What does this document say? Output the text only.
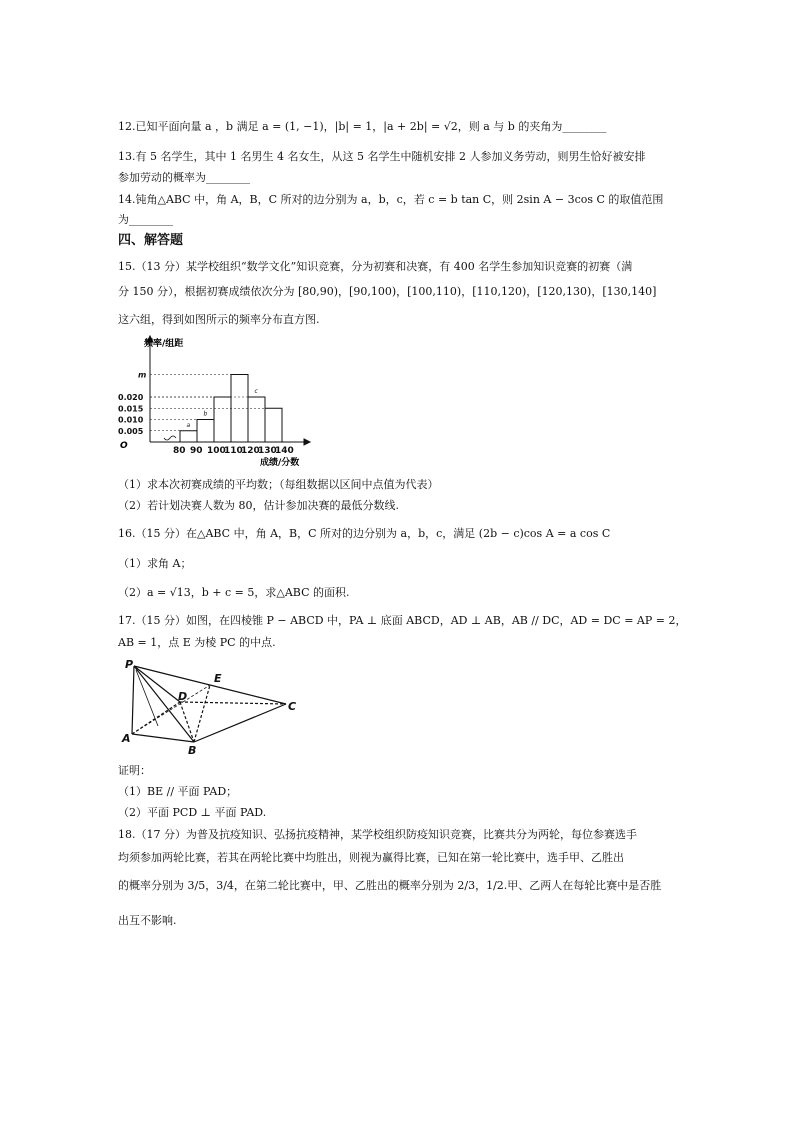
12.已知平面向量 a ，b 满足 a = (1, −1)，|b| = 1，|a + 2b| = √2，则 a 与 b 的夹角为________
13.有 5 名学生，其中 1 名男生 4 名女生，从这 5 名学生中随机安排 2 人参加义务劳动，则男生恰好被安排
参加劳动的概率为________
14.钝角△ABC 中，角 A，B，C 所对的边分别为 a，b，c，若 c = b tan C，则 2sin A − 3cos C 的取值范围
为________
四、解答题
15.（13 分）某学校组织“数学文化”知识竞赛，分为初赛和决赛，有 400 名学生参加知识竞赛的初赛（满
分 150 分），根据初赛成绩依次分为 [80,90)，[90,100)，[100,110)，[110,120)，[120,130)，[130,140]
这六组，得到如图所示的频率分布直方图.
频率/组距
成绩/分数
O	80 90 100
110
120
130
140
m
0.020
0.015
0.010
0.005
a
b
c
（1）求本次初赛成绩的平均数；（每组数据以区间中点值为代表）
（2）若计划决赛人数为 80，估计参加决赛的最低分数线.
16.（15 分）在△ABC 中，角 A，B，C 所对的边分别为 a，b，c，满足 (2b − c)cos A = a cos C
（1）求角 A；
（2）a = √13，b + c = 5，求△ABC 的面积.
17.（15 分）如图，在四棱锥 P − ABCD 中，PA ⊥ 底面 ABCD，AD ⊥ AB，AB // DC，AD = DC = AP = 2，
AB = 1，点 E 为棱 PC 的中点.
P
A
B
C
D
E
证明：
（1）BE // 平面 PAD；
（2）平面 PCD ⊥ 平面 PAD.
18.（17 分）为普及抗疫知识、弘扬抗疫精神，某学校组织防疫知识竞赛，比赛共分为两轮，每位参赛选手
均须参加两轮比赛，若其在两轮比赛中均胜出，则视为赢得比赛，已知在第一轮比赛中，选手甲、乙胜出
的概率分别为 3/5，3/4，在第二轮比赛中，甲、乙胜出的概率分别为 2/3，1/2.甲、乙两人在每轮比赛中是否胜
出互不影响.
